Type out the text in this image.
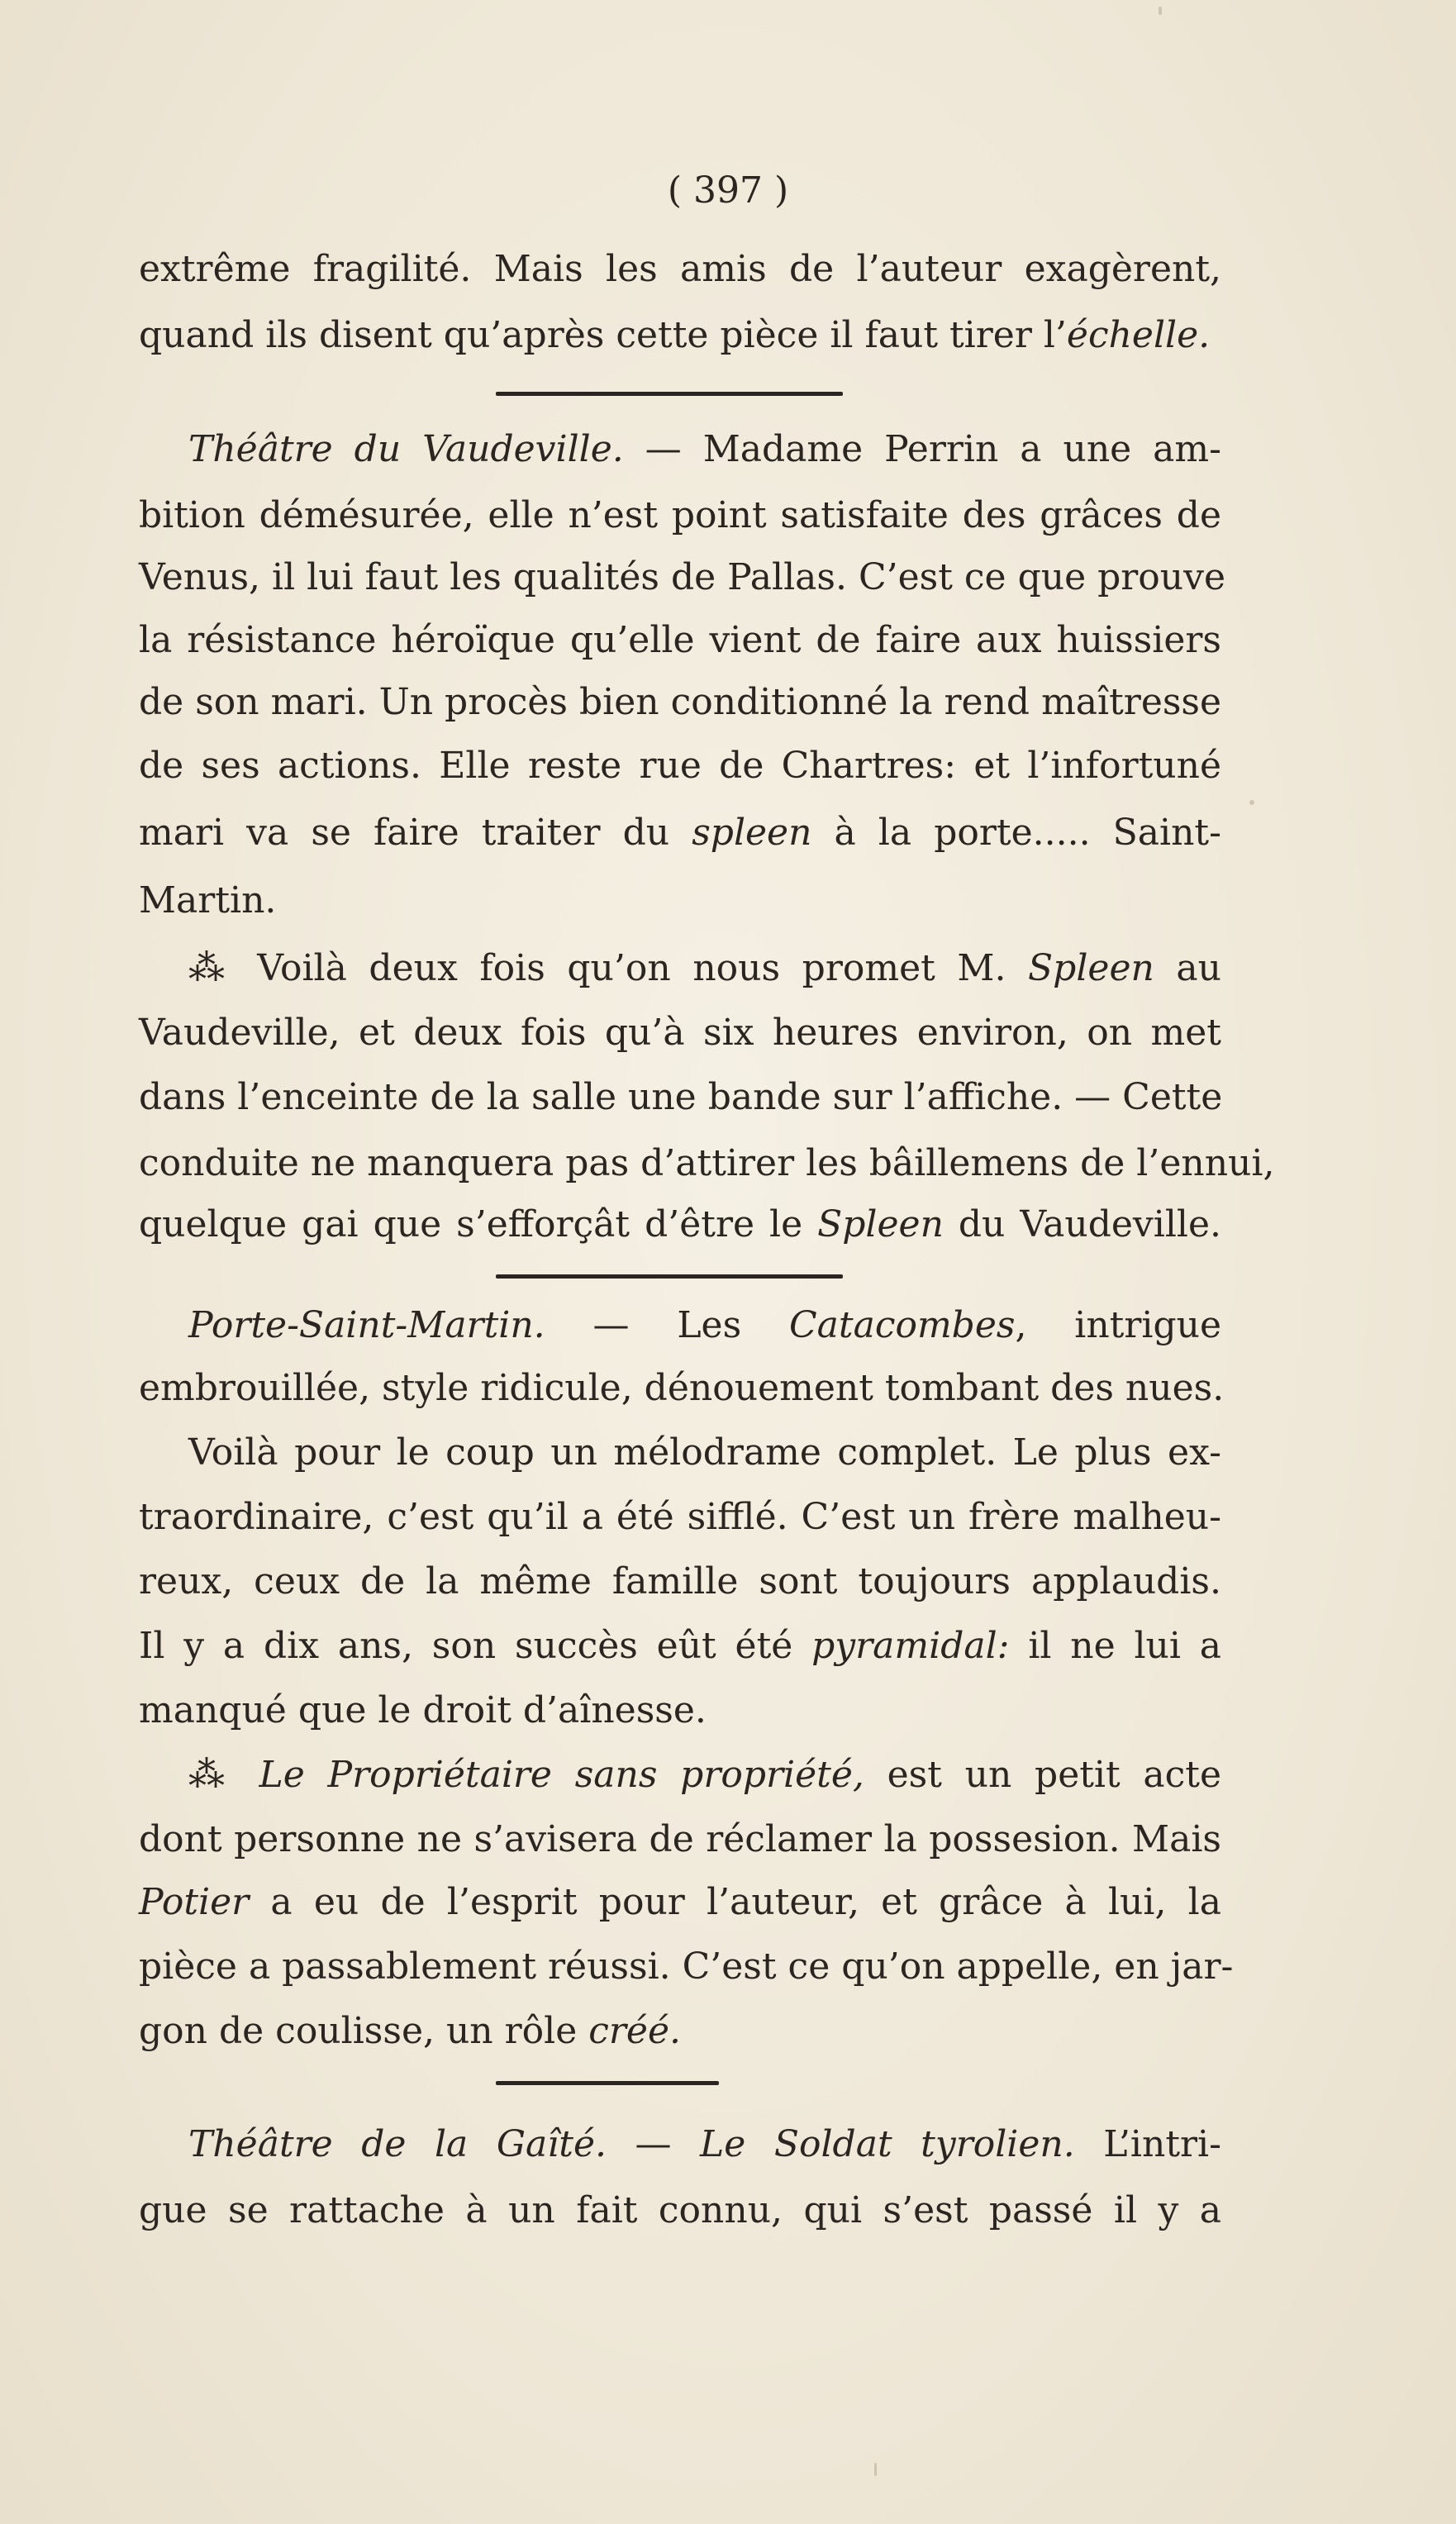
( 397 )
extrême fragilité. Mais les amis de l’auteur exagèrent,
quand ils disent qu’après cette pièce il faut tirer l’échelle.
Théâtre du Vaudeville. — Madame Perrin a une am-
bition démésurée, elle n’est point satisfaite des grâces de
Venus, il lui faut les qualités de Pallas. C’est ce que prouve
la résistance héroïque qu’elle vient de faire aux huissiers
de son mari. Un procès bien conditionné la rend maîtresse
de ses actions. Elle reste rue de Chartres: et l’infortuné
mari va se faire traiter du spleen à la porte..... Saint-
Martin.
⁂ Voilà deux fois qu’on nous promet M. Spleen au
Vaudeville, et deux fois qu’à six heures environ, on met
dans l’enceinte de la salle une bande sur l’affiche. — Cette
conduite ne manquera pas d’attirer les bâillemens de l’ennui,
quelque gai que s’efforçât d’être le Spleen du Vaudeville.
Porte-Saint-Martin. — Les Catacombes, intrigue
embrouillée, style ridicule, dénouement tombant des nues.
Voilà pour le coup un mélodrame complet. Le plus ex-
traordinaire, c’est qu’il a été sifflé. C’est un frère malheu-
reux, ceux de la même famille sont toujours applaudis.
Il y a dix ans, son succès eût été pyramidal: il ne lui a
manqué que le droit d’aînesse.
⁂ Le Propriétaire sans propriété, est un petit acte
dont personne ne s’avisera de réclamer la possesion. Mais
Potier a eu de l’esprit pour l’auteur, et grâce à lui, la
pièce a passablement réussi. C’est ce qu’on appelle, en jar-
gon de coulisse, un rôle créé.
Théâtre de la Gaîté. — Le Soldat tyrolien. L’intri-
gue se rattache à un fait connu, qui s’est passé il y a
